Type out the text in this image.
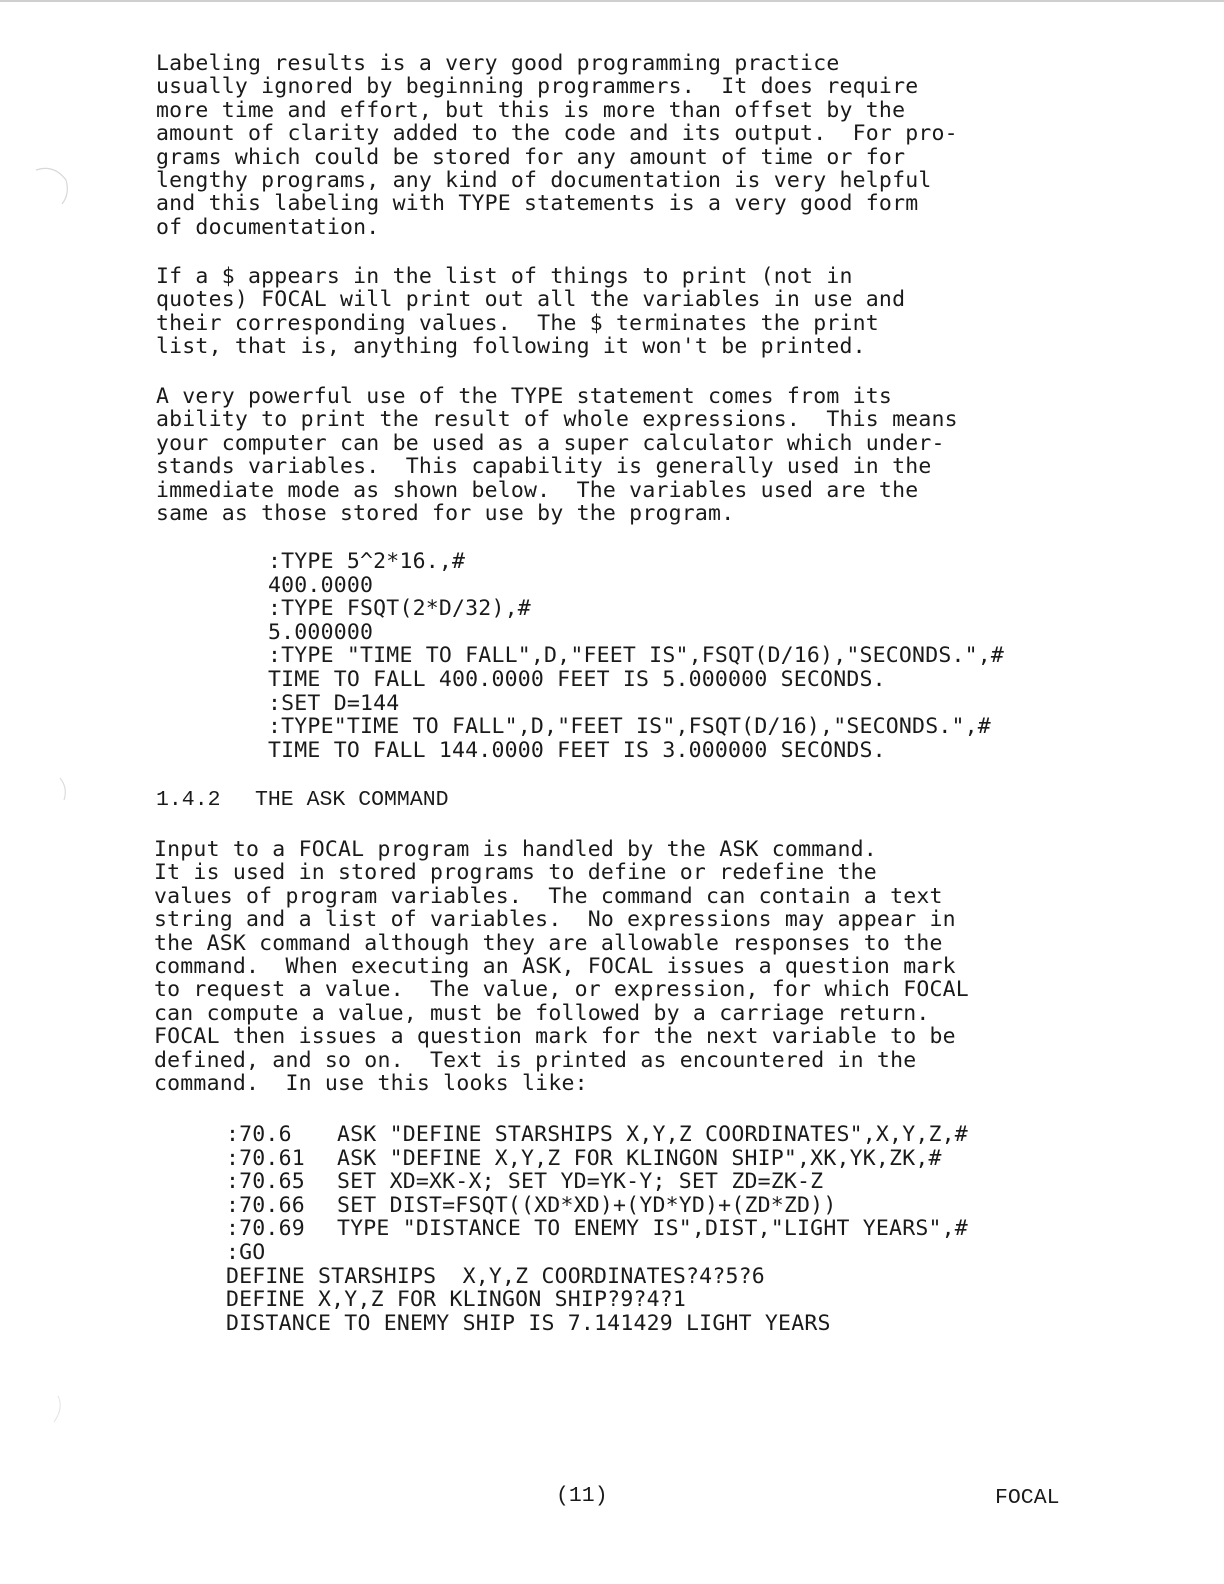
Labeling results is a very good programming practice
usually ignored by beginning programmers.  It does require
more time and effort, but this is more than offset by the
amount of clarity added to the code and its output.  For pro-
grams which could be stored for any amount of time or for
lengthy programs, any kind of documentation is very helpful
and this labeling with TYPE statements is a very good form
of documentation.
If a $ appears in the list of things to print (not in
quotes) FOCAL will print out all the variables in use and
their corresponding values.  The $ terminates the print
list, that is, anything following it won't be printed.
A very powerful use of the TYPE statement comes from its
ability to print the result of whole expressions.  This means
your computer can be used as a super calculator which under-
stands variables.  This capability is generally used in the
immediate mode as shown below.  The variables used are the
same as those stored for use by the program.
:TYPE 5^2*16.,#
400.0000
:TYPE FSQT(2*D/32),#
5.000000
:TYPE "TIME TO FALL",D,"FEET IS",FSQT(D/16),"SECONDS.",#
TIME TO FALL 400.0000 FEET IS 5.000000 SECONDS.
:SET D=144
:TYPE"TIME TO FALL",D,"FEET IS",FSQT(D/16),"SECONDS.",#
TIME TO FALL 144.0000 FEET IS 3.000000 SECONDS.
1.4.2 THE ASK COMMAND
Input to a FOCAL program is handled by the ASK command.
It is used in stored programs to define or redefine the
values of program variables.  The command can contain a text
string and a list of variables.  No expressions may appear in
the ASK command although they are allowable responses to the
command.  When executing an ASK, FOCAL issues a question mark
to request a value.  The value, or expression, for which FOCAL
can compute a value, must be followed by a carriage return.
FOCAL then issues a question mark for the next variable to be
defined, and so on.  Text is printed as encountered in the
command.  In use this looks like:
:70.6 ASK "DEFINE STARSHIPS X,Y,Z COORDINATES",X,Y,Z,#
:70.61 ASK "DEFINE X,Y,Z FOR KLINGON SHIP",XK,YK,ZK,#
:70.65 SET XD=XK-X; SET YD=YK-Y; SET ZD=ZK-Z
:70.66 SET DIST=FSQT((XD*XD)+(YD*YD)+(ZD*ZD))
:70.69 TYPE "DISTANCE TO ENEMY IS",DIST,"LIGHT YEARS",#
:GO
DEFINE STARSHIPS  X,Y,Z COORDINATES?4?5?6
DEFINE X,Y,Z FOR KLINGON SHIP?9?4?1
DISTANCE TO ENEMY SHIP IS 7.141429 LIGHT YEARS
(11)	FOCAL
